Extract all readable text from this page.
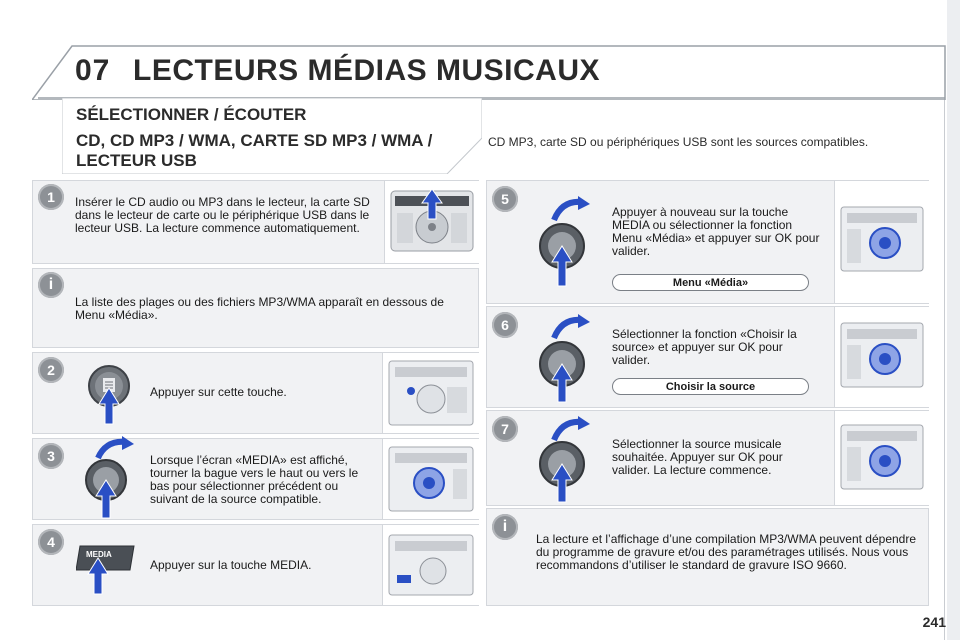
07 LECTEURS MÉDIAS MUSICAUX
SÉLECTIONNER / ÉCOUTER
CD, CD MP3 / WMA, CARTE SD MP3 / WMA / LECTEUR USB
CD MP3, carte SD ou périphériques USB sont les sources compatibles.
1	Insérer le CD audio ou MP3 dans le lecteur, la carte SD dans le lecteur de carte ou le périphérique USB dans le lecteur USB. La lecture commence automatiquement.
i
La liste des plages ou des fichiers MP3/WMA apparaît en dessous de Menu «Média».
2
Appuyer sur cette touche.
3	Lorsque l’écran «MEDIA» est affiché, tourner la bague vers le haut ou vers le bas pour sélectionner précédent ou suivant de la source compatible.
4
MEDIA
Appuyer sur la touche MEDIA.
5
Appuyer à nouveau sur la touche MEDIA ou sélectionner la fonction Menu «Média» et appuyer sur OK pour valider.
Menu «Média»
6
Sélectionner la fonction «Choisir la source» et appuyer sur OK pour valider.
Choisir la source
7
Sélectionner la source musicale souhaitée. Appuyer sur OK pour valider. La lecture commence.
i
La lecture et l’affichage d’une compilation MP3/WMA peuvent dépendre du programme de gravure et/ou des paramétrages utilisés. Nous vous recommandons d’utiliser le standard de gravure ISO 9660.
241
